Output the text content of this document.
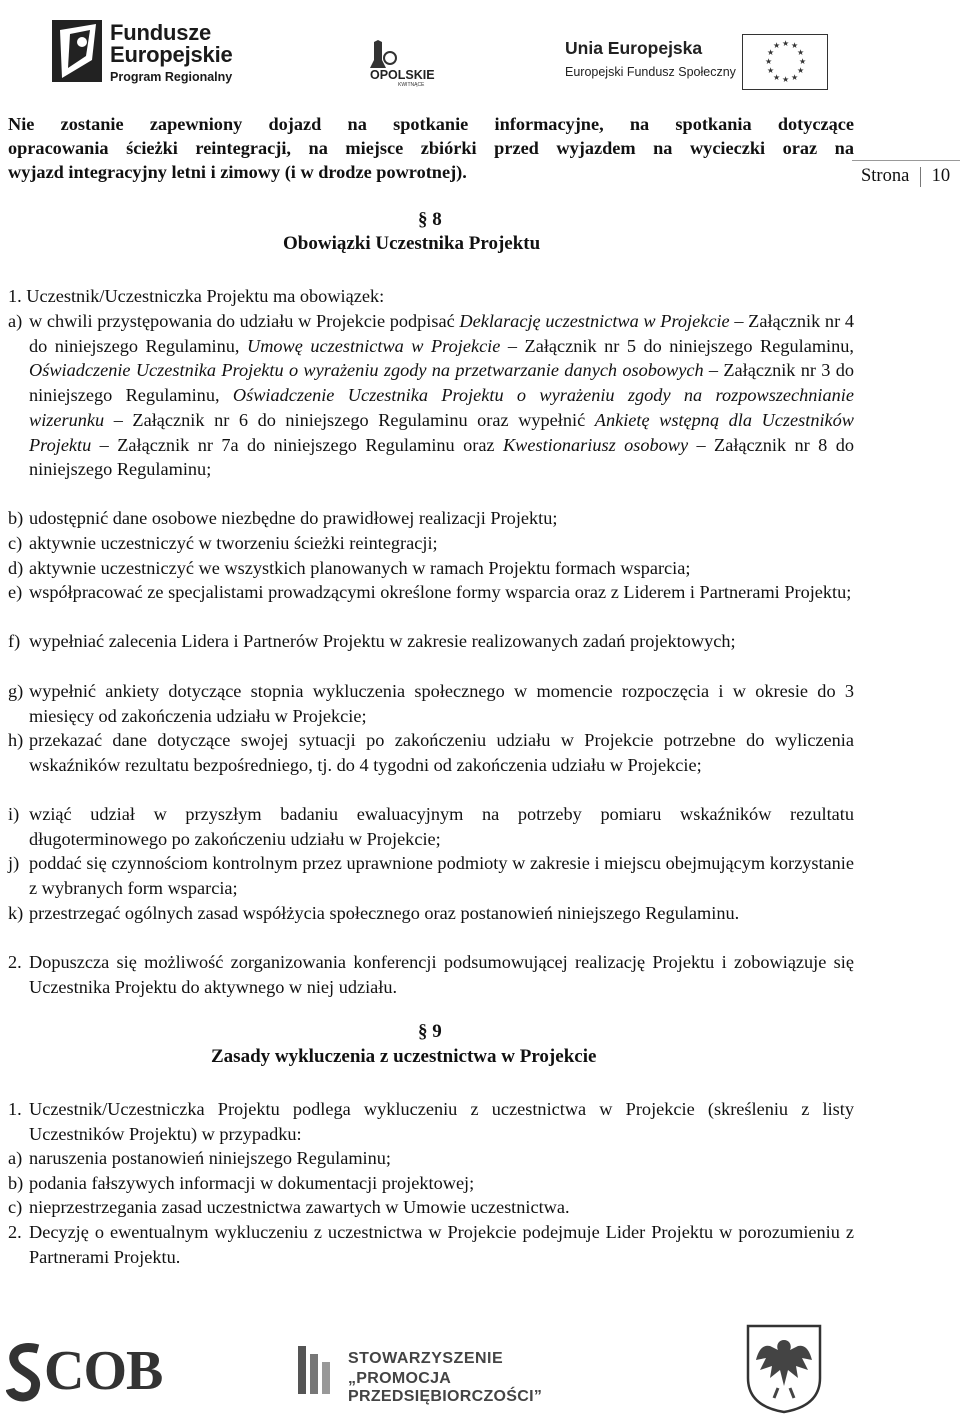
Fundusze
Europejskie
Program Regionalny	OPOLSKIE
KWITNĄCE
Unia Europejska
Europejski Fundusz Społeczny
★ ★
★
★
★
★
★
★
★
★
★
★
Nie zostanie zapewniony dojazd na spotkanie informacyjne, na spotkania dotyczące
opracowania ścieżki reintegracji, na miejsce zbiórki przed wyjazdem na wycieczki oraz na
wyjazd integracyjny letni i zimowy (i w drodze powrotnej).	Strona 10
§ 8
Obowiązki Uczestnika Projektu
1. Uczestnik/Uczestniczka Projektu ma obowiązek:
a) w chwili przystępowania do udziału w Projekcie podpisać Deklarację uczestnictwa w Projekcie – Załącznik nr 4 do niniejszego Regulaminu, Umowę uczestnictwa w Projekcie – Załącznik nr 5 do niniejszego Regulaminu, Oświadczenie Uczestnika Projektu o wyrażeniu zgody na przetwarzanie danych osobowych – Załącznik nr 3 do niniejszego Regulaminu, Oświadczenie Uczestnika Projektu o wyrażeniu zgody na rozpowszechnianie wizerunku – Załącznik nr 6 do niniejszego Regulaminu oraz wypełnić Ankietę wstępną dla Uczestników Projektu – Załącznik nr 7a do niniejszego Regulaminu oraz Kwestionariusz osobowy – Załącznik nr 8 do niniejszego Regulaminu;
b) udostępnić dane osobowe niezbędne do prawidłowej realizacji Projektu;
c) aktywnie uczestniczyć w tworzeniu ścieżki reintegracji;
d) aktywnie uczestniczyć we wszystkich planowanych w ramach Projektu formach wsparcia;
e) współpracować ze specjalistami prowadzącymi określone formy wsparcia oraz z Liderem i Partnerami Projektu;
f) wypełniać zalecenia Lidera i Partnerów Projektu w zakresie realizowanych zadań projektowych;
g) wypełnić ankiety dotyczące stopnia wykluczenia społecznego w momencie rozpoczęcia i w okresie do 3 miesięcy od zakończenia udziału w Projekcie;
h) przekazać dane dotyczące swojej sytuacji po zakończeniu udziału w Projekcie potrzebne do wyliczenia wskaźników rezultatu bezpośredniego, tj. do 4 tygodni od zakończenia udziału w Projekcie;
i) wziąć udział w przyszłym badaniu ewaluacyjnym na potrzeby pomiaru wskaźników rezultatu długoterminowego po zakończeniu udziału w Projekcie;
j) poddać się czynnościom kontrolnym przez uprawnione podmioty w zakresie i miejscu obejmującym korzystanie z wybranych form wsparcia;
k) przestrzegać ogólnych zasad współżycia społecznego oraz postanowień niniejszego Regulaminu.
2. Dopuszcza się możliwość zorganizowania konferencji podsumowującej realizację Projektu i zobowiązuje się Uczestnika Projektu do aktywnego w niej udziału.
§ 9
Zasady wykluczenia z uczestnictwa w Projekcie
1. Uczestnik/Uczestniczka Projektu podlega wykluczeniu z uczestnictwa w Projekcie (skreśleniu z listy Uczestników Projektu) w przypadku:
a) naruszenia postanowień niniejszego Regulaminu;
b) podania fałszywych informacji w dokumentacji projektowej;
c) nieprzestrzegania zasad uczestnictwa zawartych w Umowie uczestnictwa.
2. Decyzję o ewentualnym wykluczeniu z uczestnictwa w Projekcie podejmuje Lider Projektu w porozumieniu z Partnerami Projektu.
COB	STOWARZYSZENIE
„PROMOCJA PRZEDSIĘBIORCZOŚCI”
